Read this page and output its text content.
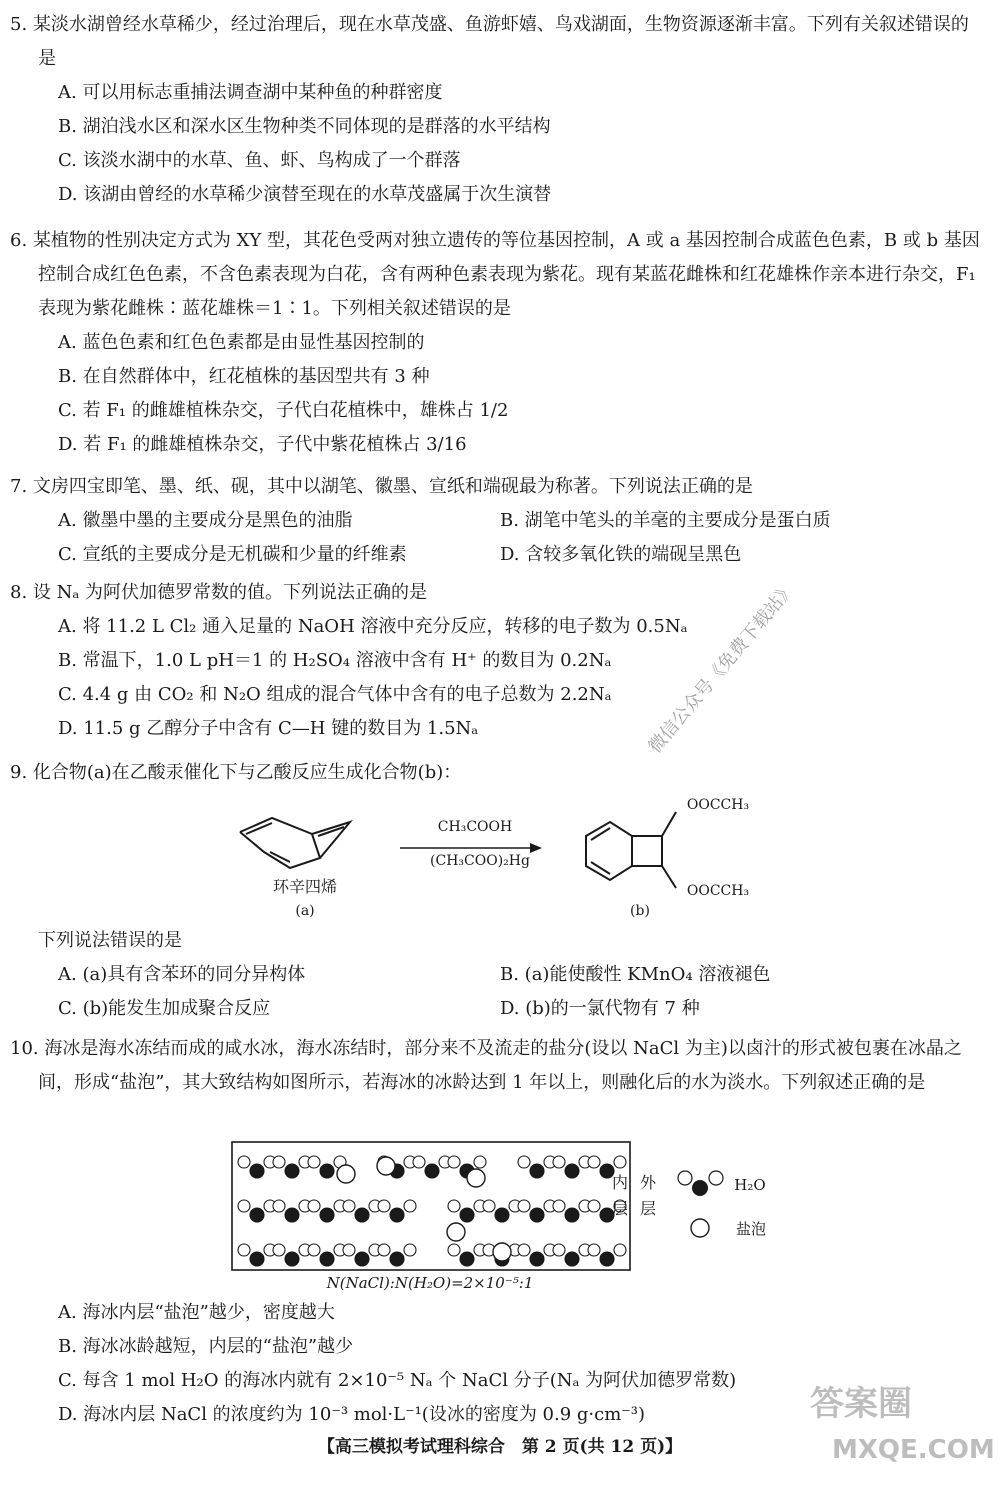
5. 某淡水湖曾经水草稀少，经过治理后，现在水草茂盛、鱼游虾嬉、鸟戏湖面，生物资源逐渐丰富。下列有关叙述错误的是
A. 可以用标志重捕法调查湖中某种鱼的种群密度
B. 湖泊浅水区和深水区生物种类不同体现的是群落的水平结构
C. 该淡水湖中的水草、鱼、虾、鸟构成了一个群落
D. 该湖由曾经的水草稀少演替至现在的水草茂盛属于次生演替
6. 某植物的性别决定方式为 XY 型，其花色受两对独立遗传的等位基因控制，A 或 a 基因控制合成蓝色色素，B 或 b 基因控制合成红色色素，不含色素表现为白花，含有两种色素表现为紫花。现有某蓝花雌株和红花雄株作亲本进行杂交，F₁ 表现为紫花雌株∶蓝花雄株＝1∶1。下列相关叙述错误的是
A. 蓝色色素和红色色素都是由显性基因控制的
B. 在自然群体中，红花植株的基因型共有 3 种
C. 若 F₁ 的雌雄植株杂交，子代白花植株中，雄株占 1/2
D. 若 F₁ 的雌雄植株杂交，子代中紫花植株占 3/16
7. 文房四宝即笔、墨、纸、砚，其中以湖笔、徽墨、宣纸和端砚最为称著。下列说法正确的是
A. 徽墨中墨的主要成分是黑色的油脂	B. 湖笔中笔头的羊毫的主要成分是蛋白质
C. 宣纸的主要成分是无机碳和少量的纤维素	D. 含较多氧化铁的端砚呈黑色
8. 设 Nₐ 为阿伏加德罗常数的值。下列说法正确的是
A. 将 11.2 L Cl₂ 通入足量的 NaOH 溶液中充分反应，转移的电子数为 0.5Nₐ
B. 常温下，1.0 L pH＝1 的 H₂SO₄ 溶液中含有 H⁺ 的数目为 0.2Nₐ
C. 4.4 g 由 CO₂ 和 N₂O 组成的混合气体中含有的电子总数为 2.2Nₐ
D. 11.5 g 乙醇分子中含有 C—H 键的数目为 1.5Nₐ
9. 化合物(a)在乙酸汞催化下与乙酸反应生成化合物(b)：
CH₃COOH
(CH₃COO)₂Hg
环辛四烯
(a)
OOCCH₃
OOCCH₃
(b)
下列说法错误的是
A. (a)具有含苯环的同分异构体	B. (a)能使酸性 KMnO₄ 溶液褪色
C. (b)能发生加成聚合反应	D. (b)的一氯代物有 7 种
10. 海冰是海水冻结而成的咸水冰，海水冻结时，部分来不及流走的盐分(设以 NaCl 为主)以卤汁的形式被包裹在冰晶之间，形成“盐泡”，其大致结构如图所示，若海冰的冰龄达到 1 年以上，则融化后的水为淡水。下列叙述正确的是
内层
外层
H₂O
盐泡
N(NaCl):N(H₂O)=2×10⁻⁵:1
A. 海冰内层“盐泡”越少，密度越大
B. 海冰冰龄越短，内层的“盐泡”越少
C. 每含 1 mol H₂O 的海冰内就有 2×10⁻⁵ Nₐ 个 NaCl 分子(Nₐ 为阿伏加德罗常数)
D. 海冰内层 NaCl 的浓度约为 10⁻³ mol·L⁻¹(设冰的密度为 0.9 g·cm⁻³)
【高三模拟考试理科综合　第 2 页(共 12 页)】
微信公众号《免费下载站》
答案圈
MXQE.COM
